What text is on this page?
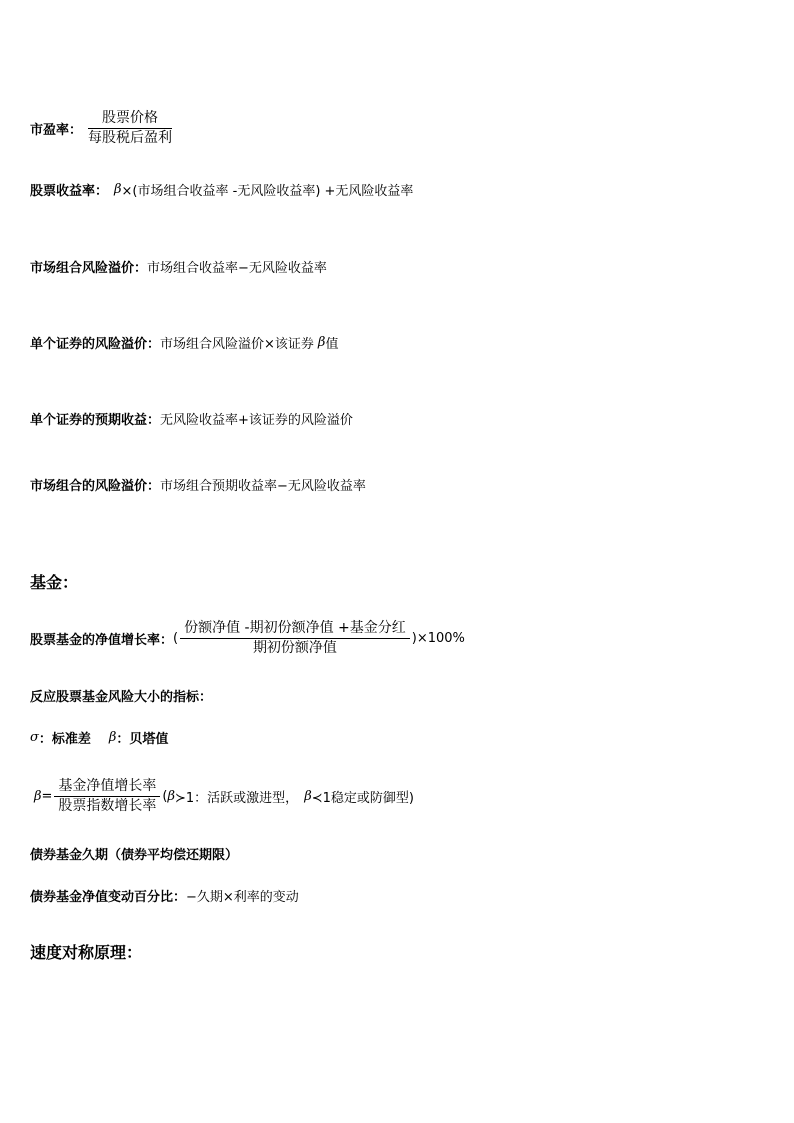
市盈率： $\frac{\text{股票价格}}{\text{每股税后盈利}}$
股票收益率： β ×(市场组合收益率 -无风险收益率) +无风险收益率
市场组合风险溢价： 市场组合收益率−无风险收益率
单个证券的风险溢价： 市场组合风险溢价×该证券 β 值
单个证券的预期收益： 无风险收益率+该证券的风险溢价
市场组合的风险溢价： 市场组合预期收益率−无风险收益率
基金：
股票基金的净值增长率： ( $\frac{\text{份额净值 -期初份额净值 +基金分红}}{\text{期初份额净值}} )\times 100\%$
反应股票基金风险大小的指标：
σ ：标准差 β ：贝塔值
$\beta = \frac{\text{基金净值增长率}}{\text{股票指数增长率}}$ ( β ≻1：活跃或激进型， β ≺1稳定或防御型)
债券基金久期（债券平均偿还期限）
债券基金净值变动百分比： −久期×利率的变动
速度对称原理：
